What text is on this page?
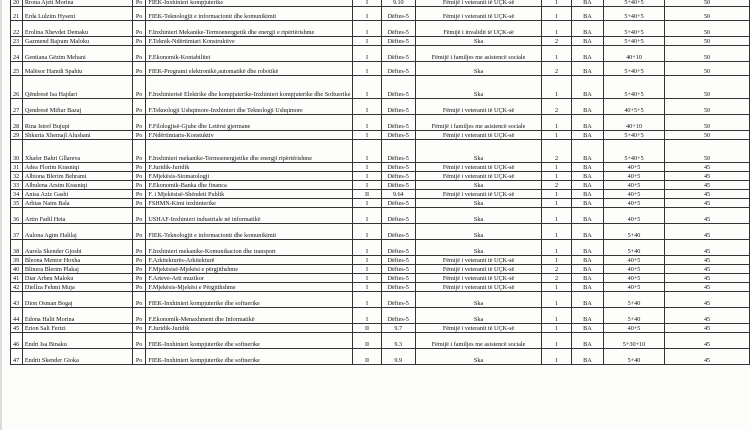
20	Rrona Ajeti Morina	Po	FIEK-Inxhinieri kompjuterike	I	9.10	Fëmijë i veteranit të UÇK-së	1	BA	5+40+5	50
21	Erda Lulzim Hyseni	Po	FIEK-Teknologjit e informacionit dhe komunikimit	I	Dëftes-5	Fëmijë i veteranit të UÇK-së	1	BA	5+40+5	50
22	Erolina Xhevdet Demaku	Po	F.Inxhinieri Mekanike-Termoenergjetik dhe energji e ripërtërishme	I	Dëftes-5	Fëmijë i invalidit të UÇK-së	1	BA	5+40+5	50
23	Gazmend Bajram Maloku	Po	F.Teknik-Ndërtimtari Konstruktive	I	Dëftes-5	Ska	2	BA	5+40+5	50
24	Gentiana Gëzim Mehani	Po	F.Ekonomik-Kontabilitet	I	Dëftes-5	Fëmijë i familjes me asistencë sociale	1	BA	40+10	50
25	Malësor Hamdi Spahiu	Po	FIEK-Programi elektronikë,automatikë dhe robotikë	I	Dëftes-5	Ska	2	BA	5+40+5	50
26	Qëndresë Isa Hajdari	Po	F.Inxhinierisë Elektrike dhe kompjuterike-Inxhinieri kompjuterike dhe Softuerike	I	Dëftes-5	Ska	1	BA	5+40+5	50
27	Qendresë Miftar Bazaj	Po	F.Teknologji Ushqimore-Inxhinieri dhe Teknologji Ushqimore	I	Dëftes-5	Fëmijë i veteranit të UÇK-së	2	BA	40+5+5	50
28	Rina Istref Bujupi	Po	F.Filologjisë-Gjuhe dhe Letërsi gjermane	I	Dëftes-5	Fëmijë i familjes me asistencë sociale	1	BA	40+10	50
29	Shkurta Xhemajl Alushani	Po	F.Ndërtimtaris-Konstuktiv	I	Dëftes-5	Fëmijë i veteranit të UÇK-së	1	BA	5+40+5	50
30	Xhafer Bahri Gllareva	Po	F.Inxhinieri mekanike-Termoenergjetike dhe energji ripërtërishme	I	Dëftes-5	Ska	2	BA	5+40+5	50
31	Adea Florim Krasniqi	Po	F.Juridik-Juridik	I	Dëftes-5	Fëmijë i veteranit të UÇK-së	1	BA	40+5	45
32	Albiona Blerim Behrami	Po	F.Mjekësis-Stomatologji	I	Dëftes-5	Fëmijë i veteranit të UÇK-së	1	BA	40+5	45
33	Albulena Arsim Krasniqi	Po	F.Ekonomik-Banka dhe financa	I	Dëftes-5	Ska	2	BA	40+5	45
34	Anisa Aziz Gashi	Po	F. i Mjekësisë-Shëndeti Publik	II	9.64	Fëmijë i veteranit të UÇK-së	1	BA	40+5	45
35	Arbias Naim Bala	Po	FSHMN-Kimi inxhinierike	I	Dëftes-5	Ska	1	BA	40+5	45
36	Artin Fadil Heta	Po	USHAF-Inxhinieri industriale në informatikë	I	Dëftes-5	Ska	1	BA	40+5	45
37	Aulona Agim Halilaj	Po	FIEK-Teknologjit e informacionit dhe komunikimit	I	Dëftes-5	Ska	1	BA	5+40	45
38	Aurela Skender Gjoshi	Po	F.Inxhinieri mekanike-Komunikacion dhe transport	I	Dëftes-5	Ska	1	BA	5+40	45
39	Bleona Mentor Hoxha	Po	F.Arkitekturës-Arkitekturë	I	Dëftes-5	Fëmijë i veteranit të UÇK-së	1	BA	40+5	45
40	Blinera Blerim Plakaj	Po	F.Mjekësisë-Mjekësi e përgjithshme	I	Dëftes-5	Fëmijë i veteranit të UÇK-së	2	BA	40+5	45
41	Diar Arben Maloku	Po	F.Arteve-Arti muzikor	I	Dëftes-5	Fëmijë i veteranit të UÇK-së	2	BA	40+5	45
42	Diellza Fehmi Muja	Po	F.Mjekësis-Mjekësi e Përgjithshme	I	Dëftes-5	Fëmijë i veteranit të UÇK-së	1	BA	40+5	45
43	Dion Osman Bogaj	Po	FIEK-Inxhinieri kompjuterike dhe softuerike	I	Dëftes-5	Ska	1	BA	5+40	45
44	Edona Halit Morina	Po	F.Ekonomik-Menaxhment dhe Informatikë	I	Dëftes-5	Ska	1	BA	5+40	45
45	Erion Sali Ferizi	Po	F.Juridik-Juridik	II	9.7	Fëmijë i veteranit të UÇK-së	1	BA	40+5	45
46	Endri Isa Binaku	Po	FIEK-Inxhinieri kompjuterike dhe softuerike	II	9.3	Fëmijë i familjes me asistencë sociale	1	BA	5+30+10	45
47	Endrit Skender Gioka	Po	FIEK-Inxhinieri kompjuterike dhe softuerike	II	9.9	Ska	1	BA	5+40	45
